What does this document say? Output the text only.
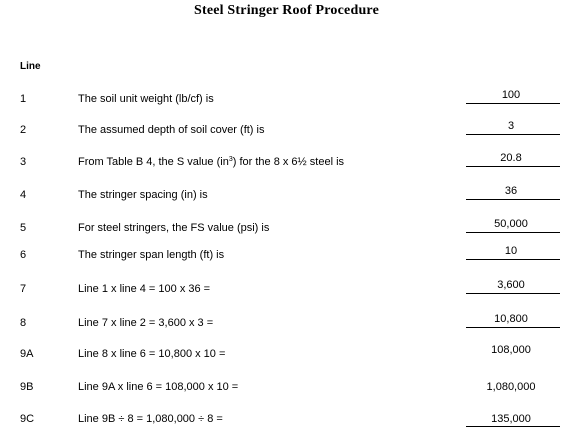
Steel Stringer Roof Procedure
Line
1	The soil unit weight (lb/cf) is	100
2	The assumed depth of soil cover (ft) is	3
3	From Table B 4, the S value $(in^3)$ for the 8 x 6½ steel is	20.8
4	The stringer spacing (in) is	36
5	For steel stringers, the FS value (psi) is	50,000
6	The stringer span length (ft) is	10
7	Line 1 x line 4 = 100 x 36 =	3,600
8	Line 7 x line 2 = 3,600 x 3 =	10,800
9A	Line 8 x line 6 = 10,800 x 10 =	108,000
9B	Line 9A x line 6 = 108,000 x 10 =	1,080,000
9C	Line 9B ÷ 8 = 1,080,000 ÷ 8 =	135,000
